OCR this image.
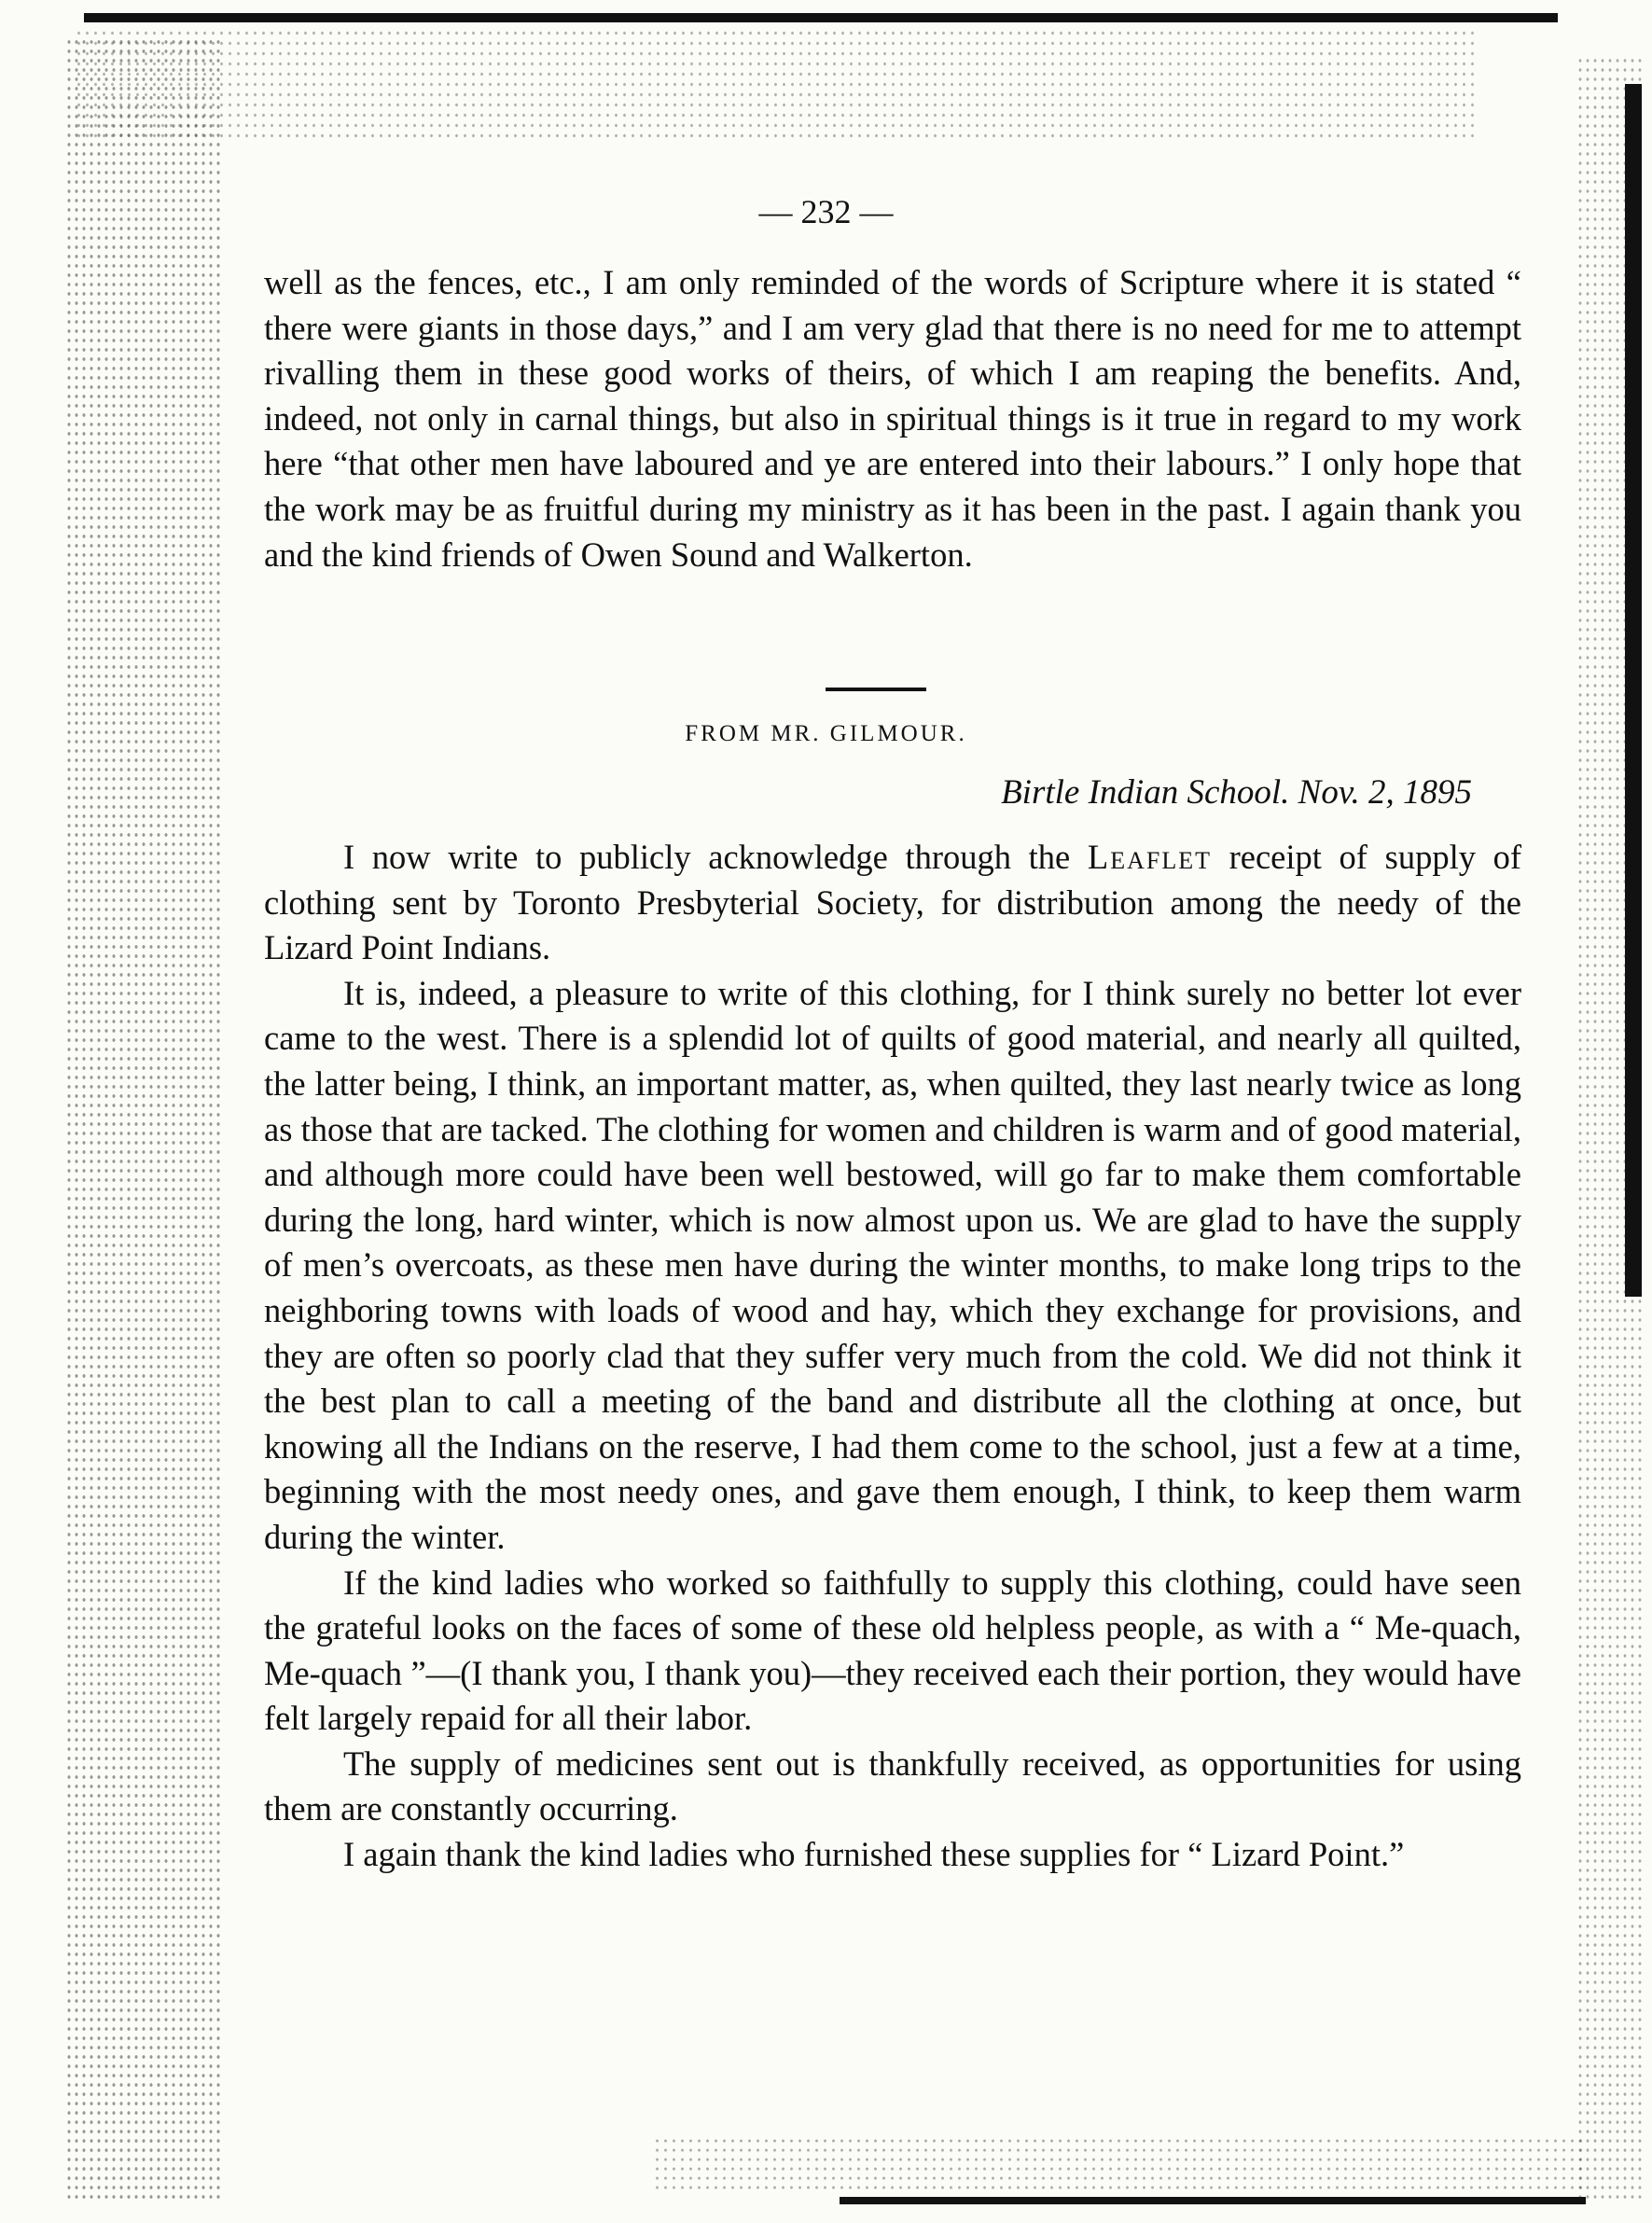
— 232 —

well as the fences, etc., I am only reminded of the words of Scripture where it is stated “ there were giants in those days,” and I am very glad that there is no need for me to attempt rivalling them in these good works of theirs, of which I am reaping the benefits. And, indeed, not only in carnal things, but also in spiritual things is it true in regard to my work here “that other men have laboured and ye are entered into their labours.” I only hope that the work may be as fruitful during my ministry as it has been in the past. I again thank you and the kind friends of Owen Sound and Walkerton.

FROM MR. GILMOUR.
Birtle Indian School. Nov. 2, 1895

I now write to publicly acknowledge through the Leaflet receipt of supply of clothing sent by Toronto Presbyterial Society, for distribution among the needy of the Lizard Point Indians.

It is, indeed, a pleasure to write of this clothing, for I think surely no better lot ever came to the west. There is a splendid lot of quilts of good material, and nearly all quilted, the latter being, I think, an important matter, as, when quilted, they last nearly twice as long as those that are tacked. The clothing for women and children is warm and of good material, and although more could have been well bestowed, will go far to make them comfortable during the long, hard winter, which is now almost upon us. We are glad to have the supply of men’s overcoats, as these men have during the winter months, to make long trips to the neighboring towns with loads of wood and hay, which they exchange for provisions, and they are often so poorly clad that they suffer very much from the cold. We did not think it the best plan to call a meeting of the band and distribute all the clothing at once, but knowing all the Indians on the reserve, I had them come to the school, just a few at a time, beginning with the most needy ones, and gave them enough, I think, to keep them warm during the winter.

If the kind ladies who worked so faithfully to supply this clothing, could have seen the grateful looks on the faces of some of these old helpless people, as with a “ Me-quach, Me-quach ”—(I thank you, I thank you)—they received each their portion, they would have felt largely repaid for all their labor.

The supply of medicines sent out is thankfully received, as opportunities for using them are constantly occurring.

I again thank the kind ladies who furnished these supplies for “ Lizard Point.”
